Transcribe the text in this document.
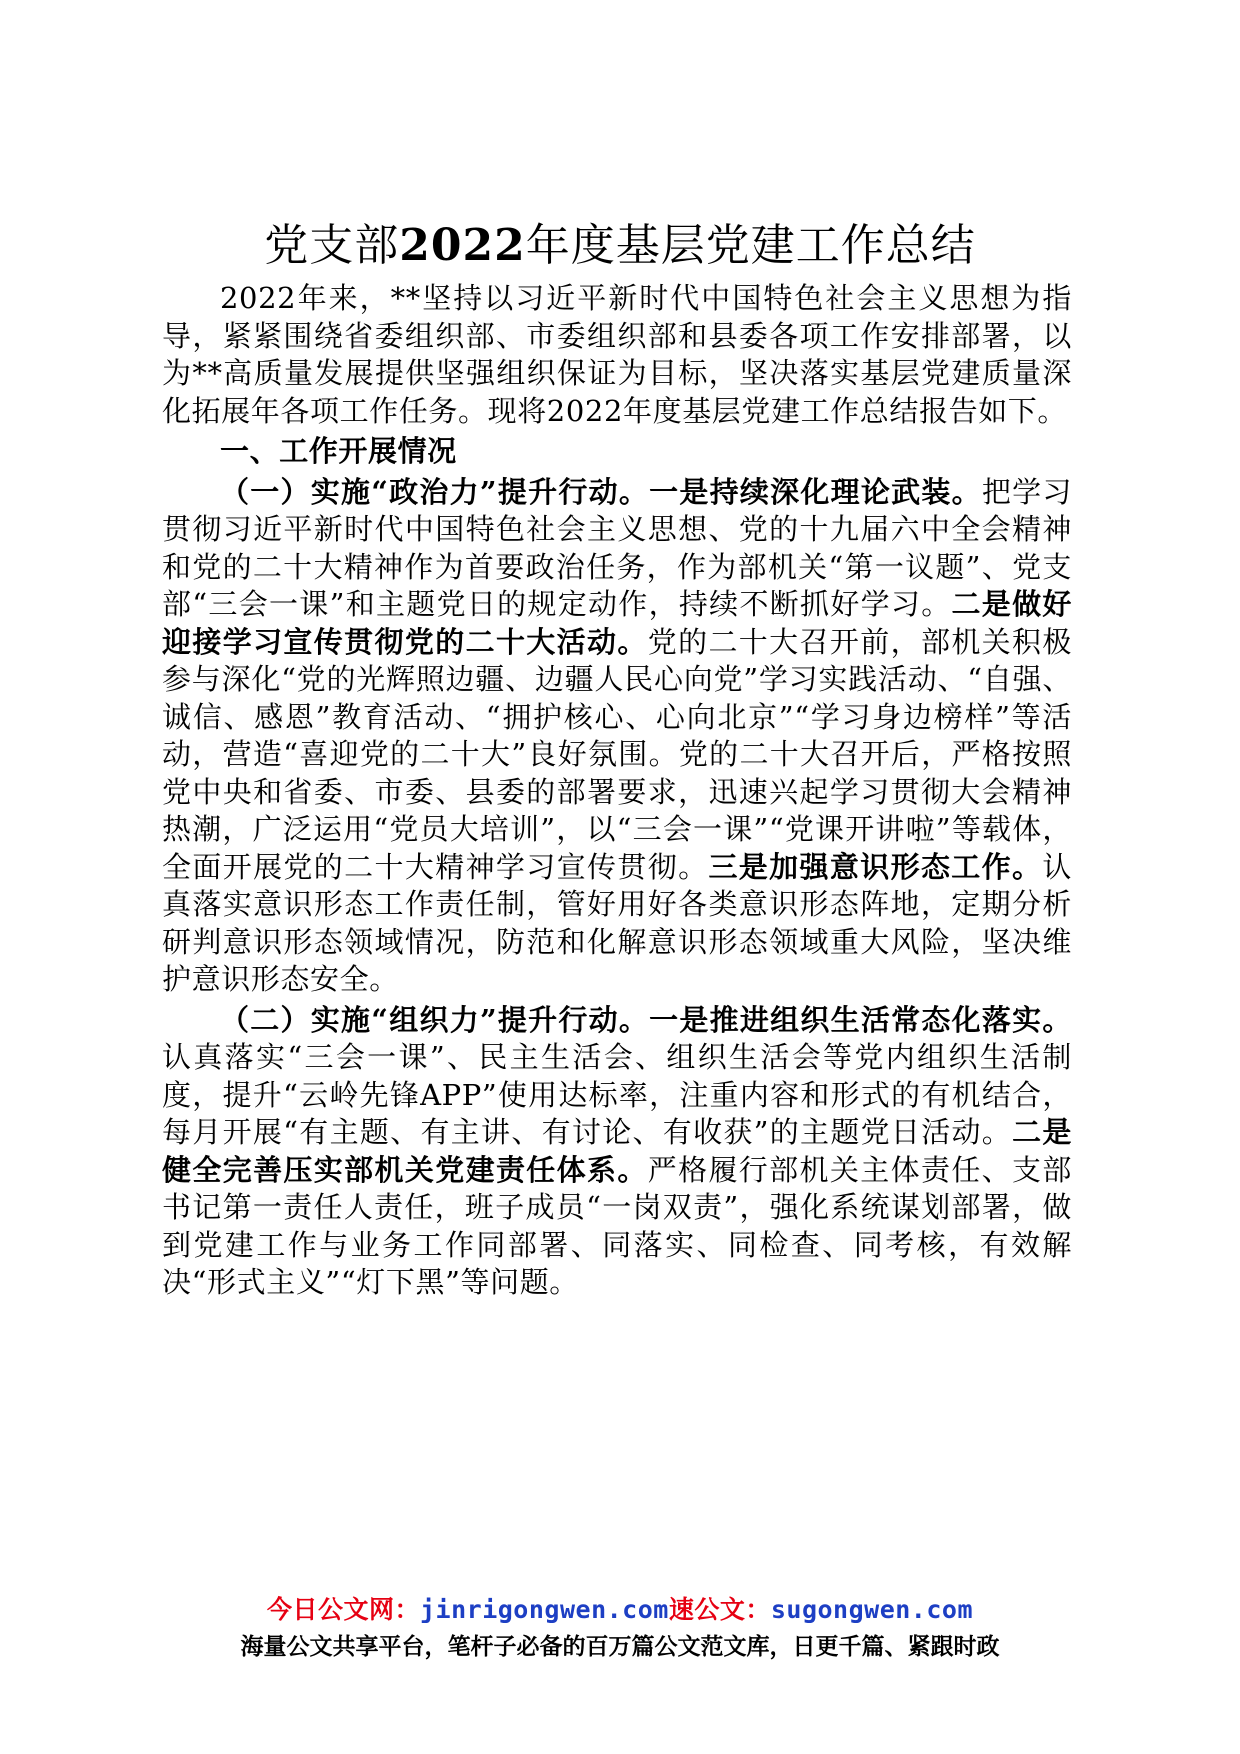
党支部2022年度基层党建工作总结

2022年来，**坚持以习近平新时代中国特色社会主义思想为指导，紧紧围绕省委组织部、市委组织部和县委各项工作安排部署，以为**高质量发展提供坚强组织保证为目标，坚决落实基层党建质量深化拓展年各项工作任务。现将2022年度基层党建工作总结报告如下。

一、工作开展情况

（一）实施“政治力”提升行动。一是持续深化理论武装。把学习贯彻习近平新时代中国特色社会主义思想、党的十九届六中全会精神和党的二十大精神作为首要政治任务，作为部机关“第一议题”、党支部“三会一课”和主题党日的规定动作，持续不断抓好学习。二是做好迎接学习宣传贯彻党的二十大活动。党的二十大召开前，部机关积极参与深化“党的光辉照边疆、边疆人民心向党”学习实践活动、“自强、诚信、感恩”教育活动、“拥护核心、心向北京”“学习身边榜样”等活动，营造“喜迎党的二十大”良好氛围。党的二十大召开后，严格按照党中央和省委、市委、县委的部署要求，迅速兴起学习贯彻大会精神热潮，广泛运用“党员大培训”，以“三会一课”“党课开讲啦”等载体，全面开展党的二十大精神学习宣传贯彻。三是加强意识形态工作。认真落实意识形态工作责任制，管好用好各类意识形态阵地，定期分析研判意识形态领域情况，防范和化解意识形态领域重大风险，坚决维护意识形态安全。

（二）实施“组织力”提升行动。一是推进组织生活常态化落实。认真落实“三会一课”、民主生活会、组织生活会等党内组织生活制度，提升“云岭先锋APP”使用达标率，注重内容和形式的有机结合，每月开展“有主题、有主讲、有讨论、有收获”的主题党日活动。二是健全完善压实部机关党建责任体系。严格履行部机关主体责任、支部书记第一责任人责任，班子成员“一岗双责”，强化系统谋划部署，做到党建工作与业务工作同部署、同落实、同检查、同考核，有效解决“形式主义”“灯下黑”等问题。

今日公文网：jinrigongwen.com速公文：sugongwen.com
海量公文共享平台，笔杆子必备的百万篇公文范文库，日更千篇、紧跟时政
